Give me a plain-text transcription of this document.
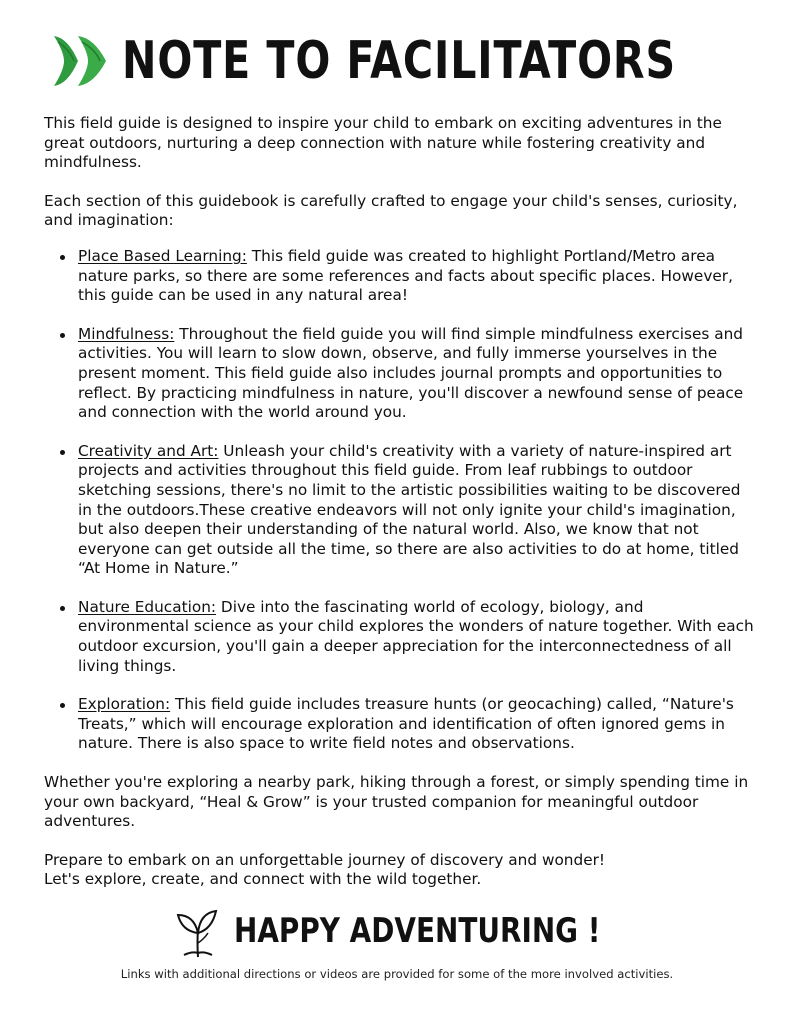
NOTE TO FACILITATORS

This field guide is designed to inspire your child to embark on exciting adventures in the great outdoors, nurturing a deep connection with nature while fostering creativity and mindfulness.

Each section of this guidebook is carefully crafted to engage your child's senses, curiosity, and imagination:

Place Based Learning: This field guide was created to highlight Portland/Metro area nature parks, so there are some references and facts about specific places. However, this guide can be used in any natural area!
Mindfulness: Throughout the field guide you will find simple mindfulness exercises and activities. You will learn to slow down, observe, and fully immerse yourselves in the present moment. This field guide also includes journal prompts and opportunities to reflect. By practicing mindfulness in nature, you'll discover a newfound sense of peace and connection with the world around you.
Creativity and Art: Unleash your child's creativity with a variety of nature-inspired art projects and activities throughout this field guide. From leaf rubbings to outdoor sketching sessions, there's no limit to the artistic possibilities waiting to be discovered in the outdoors.These creative endeavors will not only ignite your child's imagination, but also deepen their understanding of the natural world. Also, we know that not everyone can get outside all the time, so there are also activities to do at home, titled “At Home in Nature.”
Nature Education: Dive into the fascinating world of ecology, biology, and environmental science as your child explores the wonders of nature together. With each outdoor excursion, you'll gain a deeper appreciation for the interconnectedness of all living things.
Exploration: This field guide includes treasure hunts (or geocaching) called, “Nature's Treats,” which will encourage exploration and identification of often ignored gems in nature. There is also space to write field notes and observations.

Whether you're exploring a nearby park, hiking through a forest, or simply spending time in your own backyard, “Heal & Grow” is your trusted companion for meaningful outdoor adventures.

Prepare to embark on an unforgettable journey of discovery and wonder!

Let's explore, create, and connect with the wild together.

HAPPY ADVENTURING !
Links with additional directions or videos are provided for some of the more involved activities.
